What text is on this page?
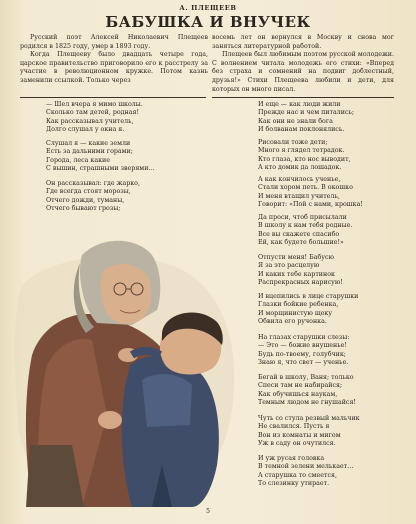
А. ПЛЕЩЕЕВ
БАБУШКА И ВНУЧЕК

Русский поэт Алексей Николаевич Плещеев родился в 1825 году, умер в 1893 году.

Когда Плещееву было двадцать четыре года, царское правительство приговорило его к расстрелу за участие в революционном кружке. Потом казнь заменили ссылкой. Только через

восемь лет он вернулся в Москву и снова мог заняться литературной работой.

Плещеев был любимым поэтом русской молодежи. С волнением читала молодежь его стихи: «Вперед без страха и сомнений на подвиг доблестный, друзья!» Стихи Плещеева любили и дети, для которых он много писал.

— Шел вчера я мимо школы.
Сколько там детей, родная!
Как рассказывал учитель,
Долго слушал у окна я.
Слушал я — какие земли
Есть за дальними горами;
Города, леса какие
С вышин, страшными зверями…
Он рассказывал: где жарко,
Где всегда стоят морозы,
Отчего дожди, туманы,
Отчего бывают грозы;
И еще — как люди жили
Прежде нас и чем питались;
Как они не знали бога
И болванам поклонялись.
Рисовали тоже дети;
Много я глядел тетрадок.
Кто глаза, кто нос выводит,
А кто домик да лошадок.
А как кончилось ученье,
Стали хором петь. В окошко
И меня втащил учитель,
Говорит: «Пой с нами, крошка!
Да проси, чтоб присылали
В школу к нам тебя родные.
Все вы скажете спасибо
Ей, как будете большие!»
Отпусти меня! Бабусю
Я за это расцелую
И каких тебе картинок
Распрекрасных нарисую!
И вцепились в лице старушки
Глазки бойкие ребенка,
И морщинистую щеку
Обвила его ручонка.
На глазах старушки слезы:
— Это — божие внушенье!
Будь по-твоему, голубчик;
Знаю я, что свет — ученье.
Бегай в школу, Ваня; только
Спеси там не набирайся;
Как обучишься наукам,
Темным людом не гнушайся!
Чуть со стула резвый мальчик
Не свалился. Пусть я
Вон из комнаты и мигом
Уж в саду он очутился.
И уж русая головка
В темной зелени мелькает…
А старушка то смеется,
То слезинку утирает.
5
